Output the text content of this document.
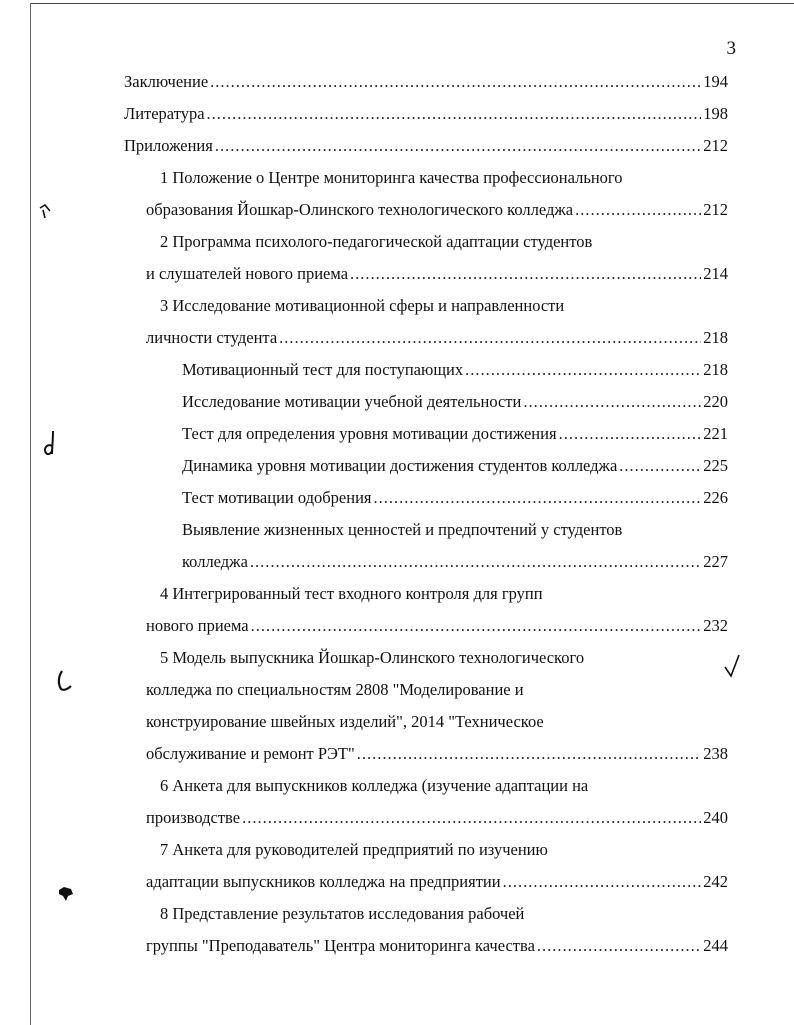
3
Заключение .....	194
Литература .....	198
Приложения .....	212
1 Положение о Центре мониторинга качества профессионального
образования Йошкар-Олинского технологического колледжа .....	212
2 Программа психолого-педагогической адаптации студентов
и слушателей нового приема .....	214
3 Исследование мотивационной сферы и направленности
личности студента .....	218
Мотивационный тест для поступающих .....	218
Исследование мотивации учебной деятельности .....	220
Тест для определения уровня мотивации достижения .....	221
Динамика уровня мотивации достижения студентов колледжа .....	225
Тест мотивации одобрения .....	226
Выявление жизненных ценностей и предпочтений у студентов
колледжа .....	227
4 Интегрированный тест входного контроля для групп
нового приема .....	232
5 Модель выпускника Йошкар-Олинского технологического
колледжа по специальностям 2808 "Моделирование и
конструирование швейных изделий", 2014 "Техническое
обслуживание и ремонт РЭТ" .....	238
6 Анкета для выпускников колледжа (изучение адаптации на
производстве .....	240
7 Анкета для руководителей предприятий по изучению
адаптации выпускников колледжа на предприятии .....	242
8 Представление результатов исследования рабочей
группы "Преподаватель" Центра мониторинга качества .....	244
